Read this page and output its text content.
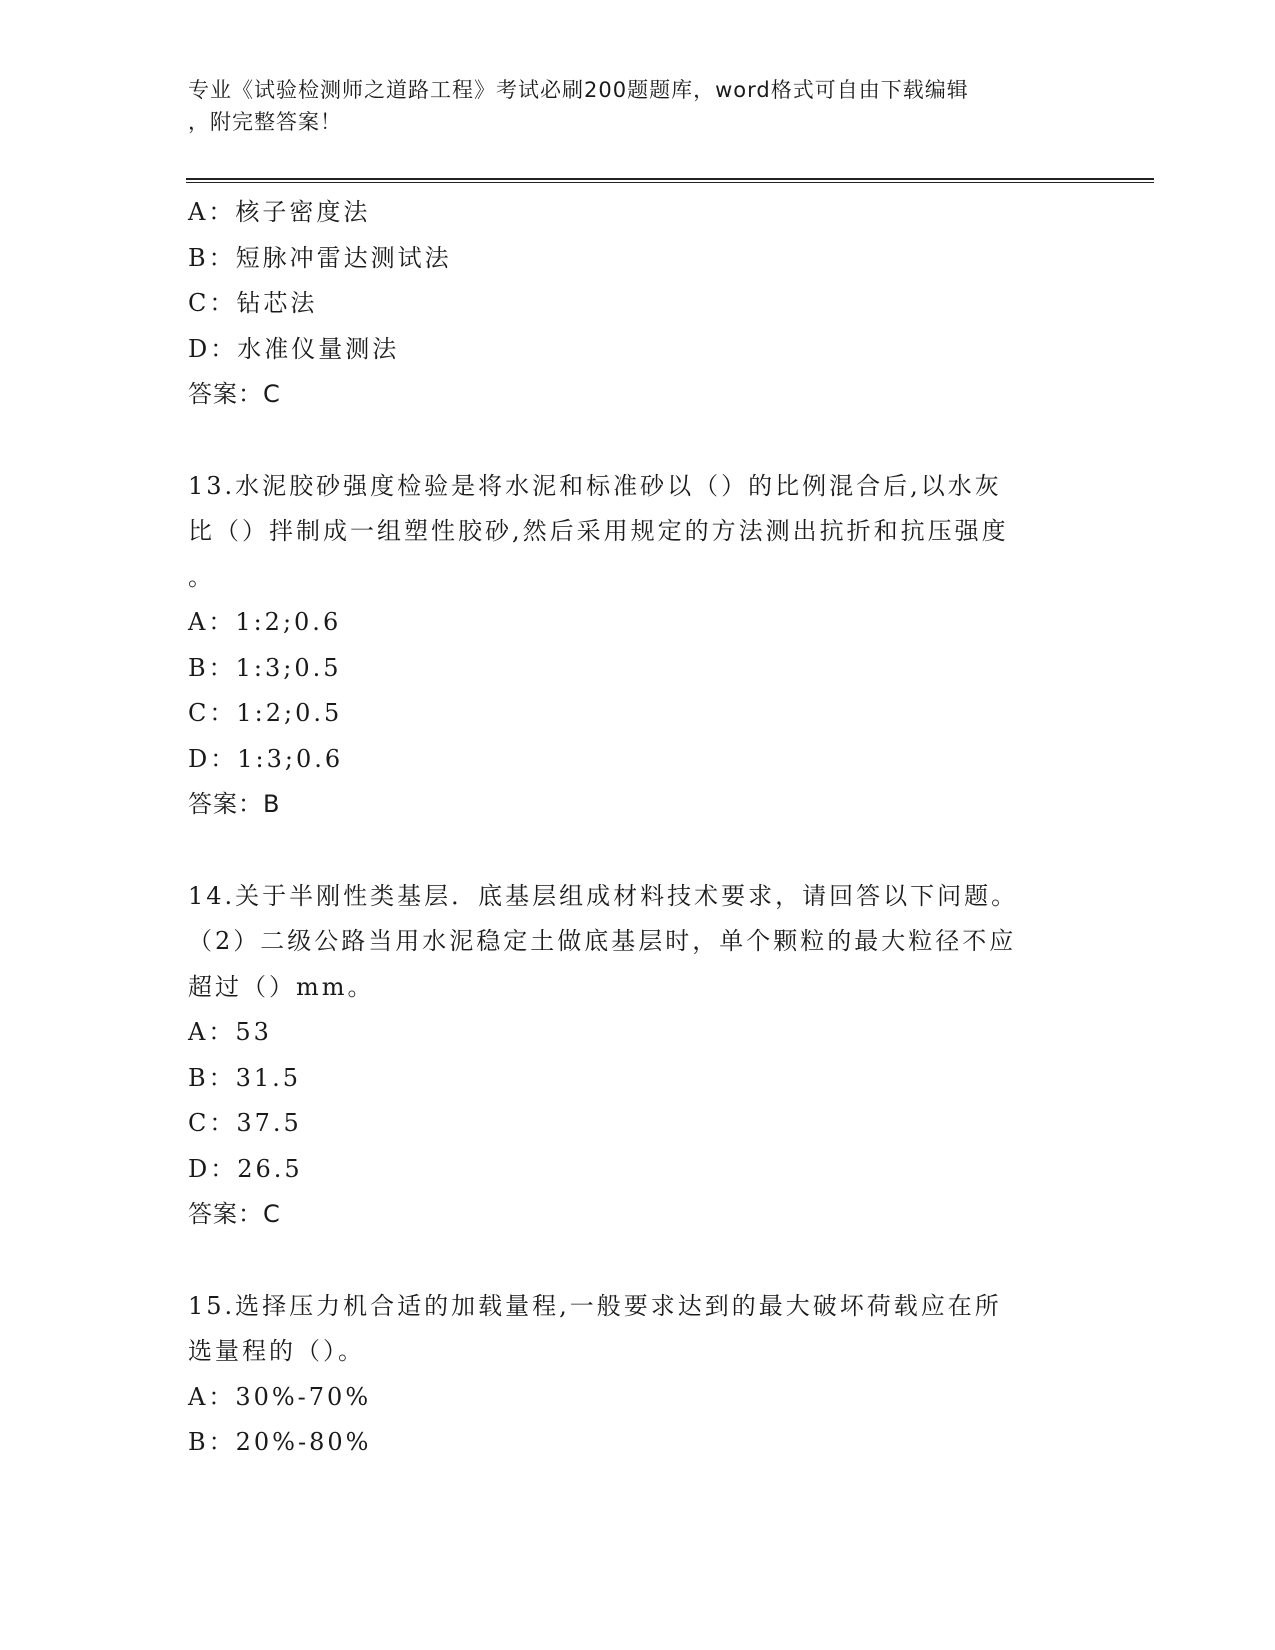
专业《试验检测师之道路工程》考试必刷200题题库，word格式可自由下载编辑
，附完整答案！
A：核子密度法
B：短脉冲雷达测试法
C：钻芯法
D：水准仪量测法
答案：C
13.水泥胶砂强度检验是将水泥和标准砂以（）的比例混合后,以水灰
比（）拌制成一组塑性胶砂,然后采用规定的方法测出抗折和抗压强度
。
A：1:2;0.6
B：1:3;0.5
C：1:2;0.5
D：1:3;0.6
答案：B
14.关于半刚性类基层．底基层组成材料技术要求，请回答以下问题。
（2）二级公路当用水泥稳定土做底基层时，单个颗粒的最大粒径不应
超过（）mm。
A：53
B：31.5
C：37.5
D：26.5
答案：C
15.选择压力机合适的加载量程,一般要求达到的最大破坏荷载应在所
选量程的（）。
A：30%-70%
B：20%-80%
